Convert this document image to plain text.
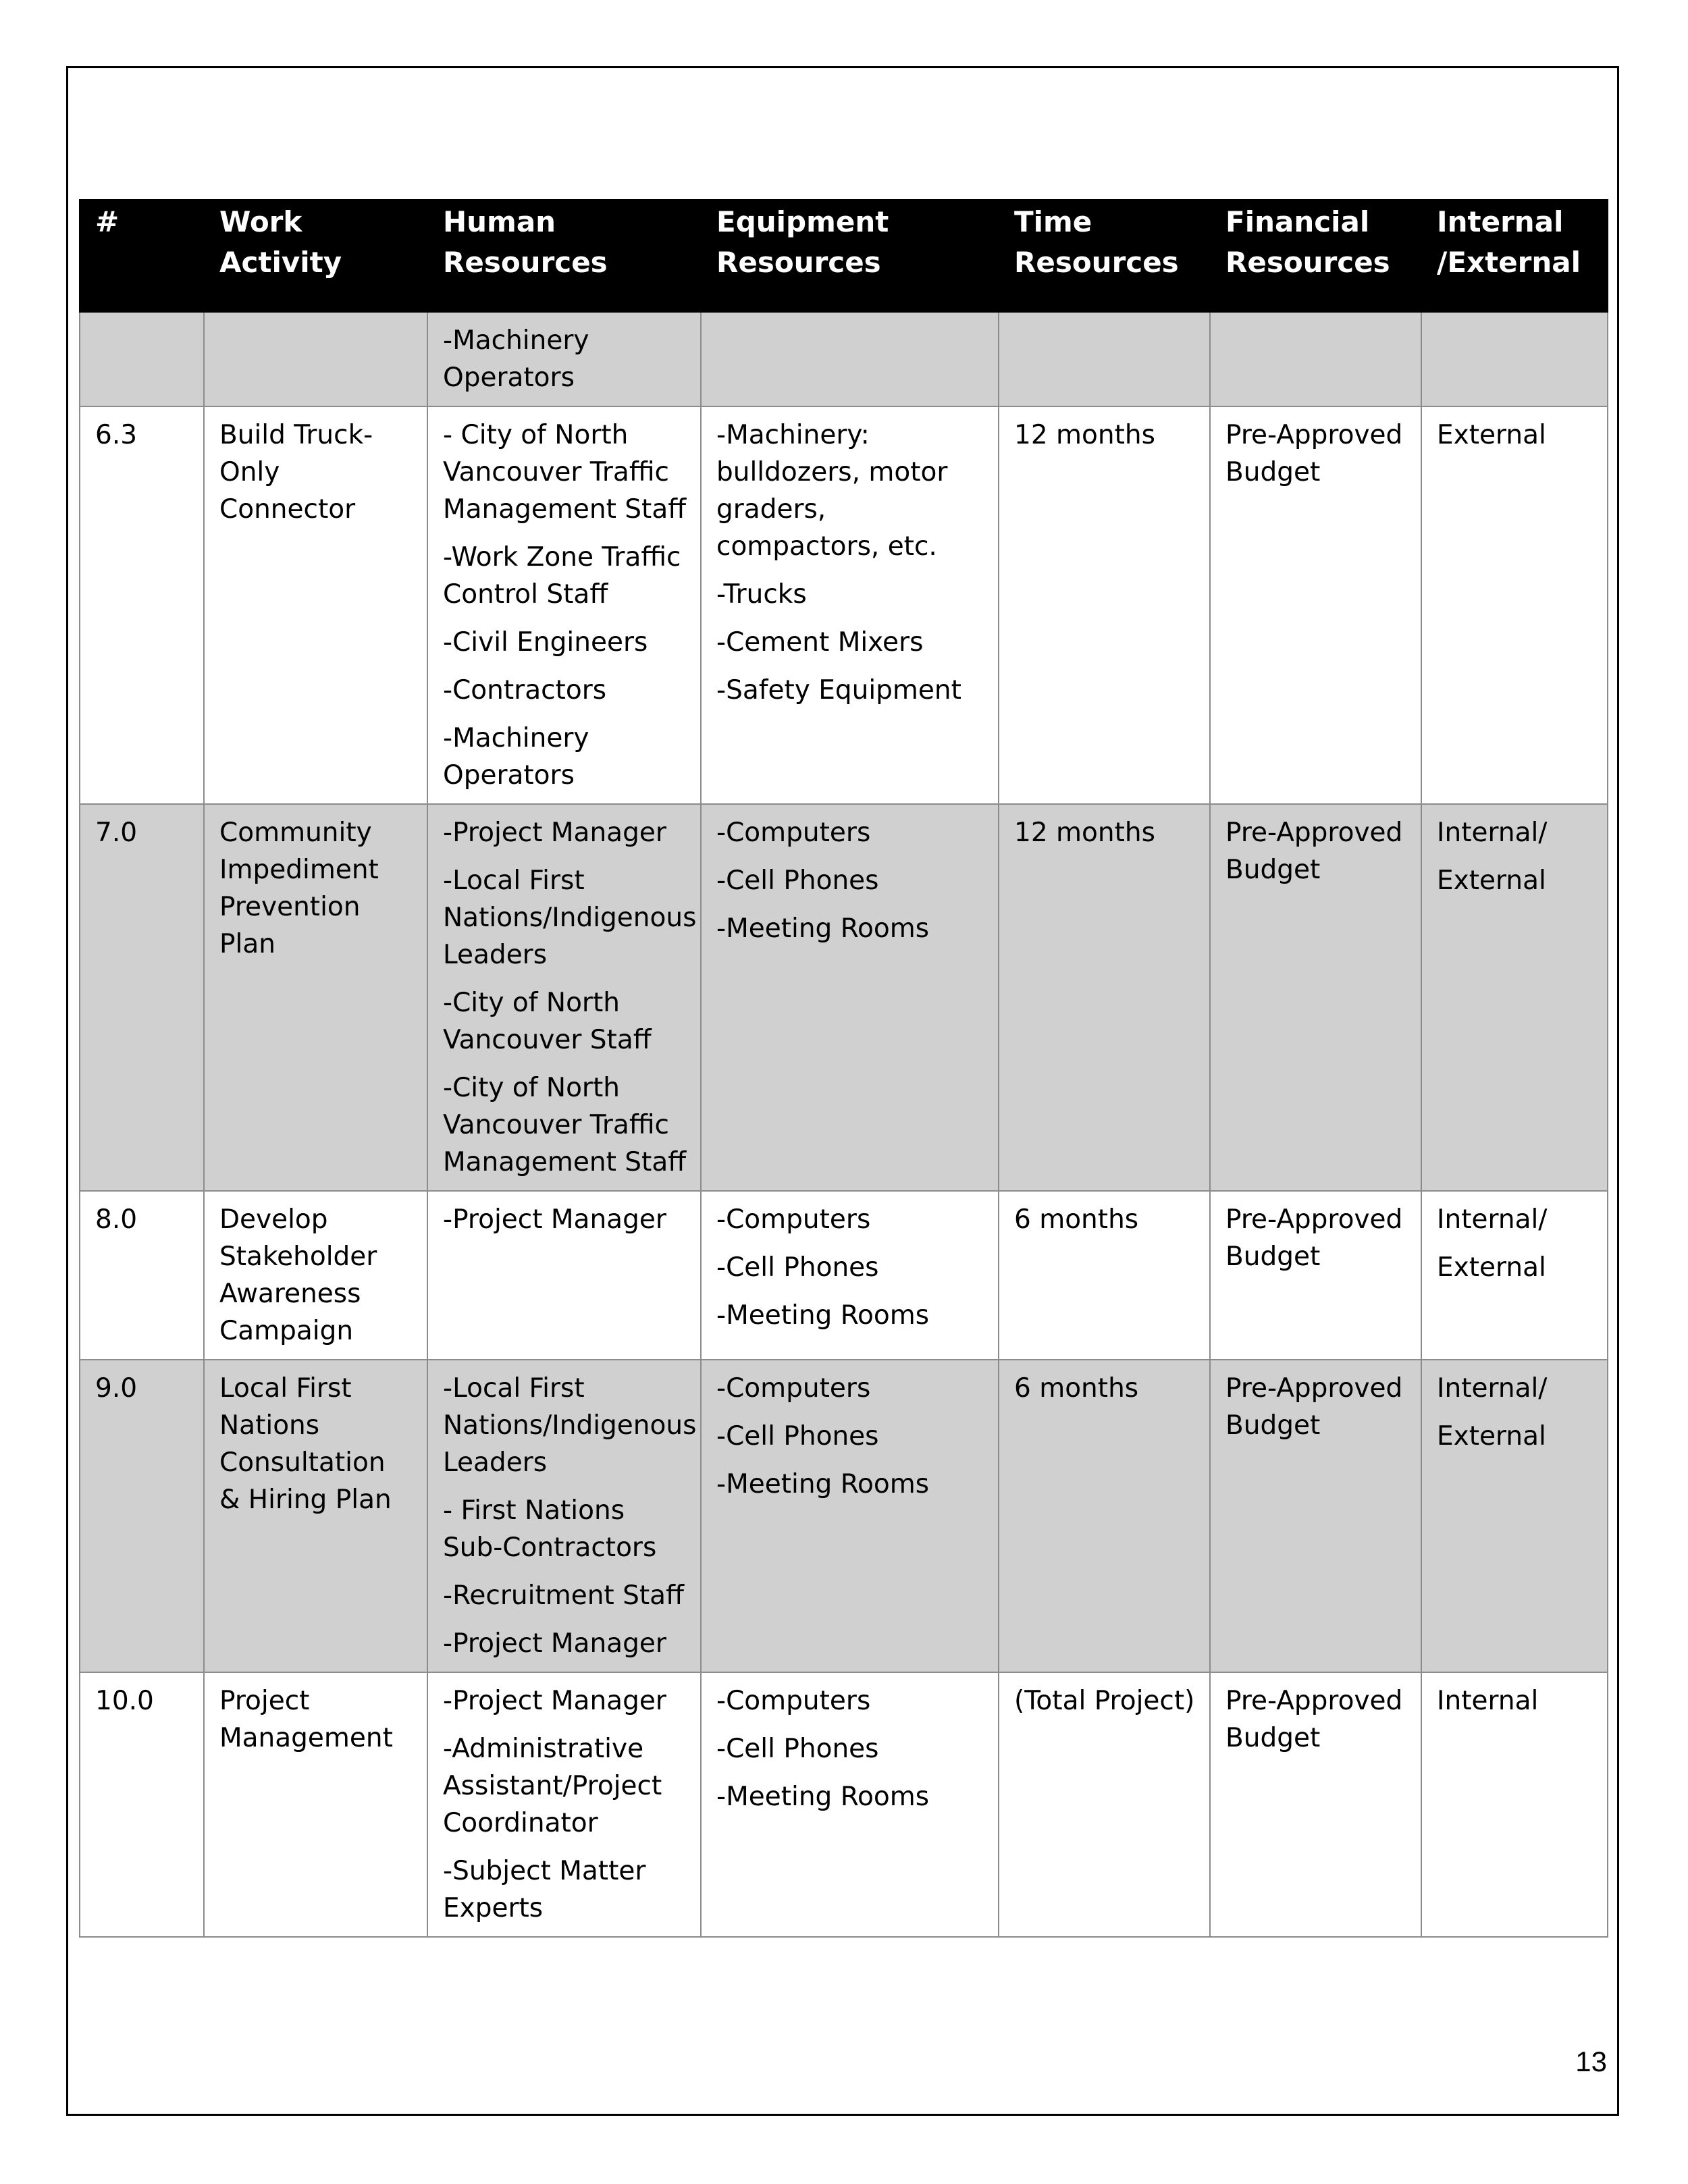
#	Work Activity	Human Resources	Equipment Resources	Time Resources	Financial Resources	Internal /External

		-Machinery Operators				

6.3	Build Truck-Only Connector	- City of North Vancouver Traffic Management Staff
-Work Zone Traffic Control Staff
-Civil Engineers
-Contractors
-Machinery Operators	-Machinery: bulldozers, motor graders, compactors, etc.
-Trucks
-Cement Mixers
-Safety Equipment	12 months	Pre-Approved Budget	External

7.0	Community Impediment Prevention Plan	-Project Manager
-Local First Nations/Indigenous Leaders
-City of North Vancouver Staff
-City of North Vancouver Traffic Management Staff	-Computers
-Cell Phones
-Meeting Rooms	12 months	Pre-Approved Budget	Internal/
External

8.0	Develop Stakeholder Awareness Campaign	-Project Manager	-Computers
-Cell Phones
-Meeting Rooms	6 months	Pre-Approved Budget	Internal/
External

9.0	Local First Nations Consultation & Hiring Plan	-Local First Nations/Indigenous Leaders
- First Nations Sub-Contractors
-Recruitment Staff
-Project Manager	-Computers
-Cell Phones
-Meeting Rooms	6 months	Pre-Approved Budget	Internal/
External

10.0	Project Management	-Project Manager
-Administrative Assistant/Project Coordinator
-Subject Matter Experts	-Computers
-Cell Phones
-Meeting Rooms	(Total Project)	Pre-Approved Budget	Internal
13
